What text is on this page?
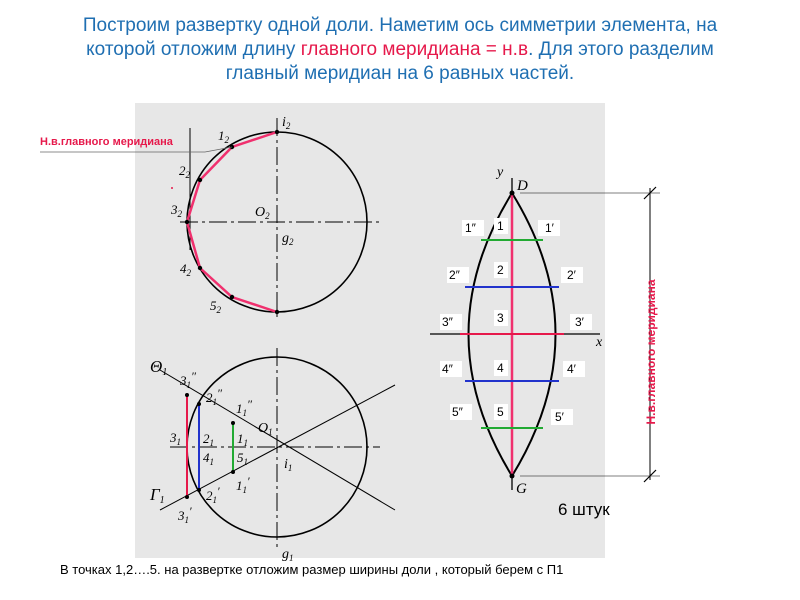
Построим развертку одной доли. Наметим ось симметрии элемента, на
которой отложим длину главного меридиана = н.в. Для этого разделим
главный меридиан на 6 равных частей.
$i_2$
$1_2$
$2_2$
$3_2$	$O_2$
$g_2$
$4_2$
$5_2$
Θ1
Γ1
$3_1''$
$2_1''$
$1_1''$
$O_1$
$3_1$ $2_1$ $1_1$
$4_1$ $5_1$	$i_1$
$1_1'$
$2_1'$
$3_1'$
$g_1$
1″	1′
2″	2′
3″	3′
4″	4′
5″	5′
1
2
3
4
5
y
D
x
G
Н.в.главного меридиана
Н.в.главного меридиана
6 штук
В точках 1,2….5. на развертке отложим размер ширины доли , который берем с П1
